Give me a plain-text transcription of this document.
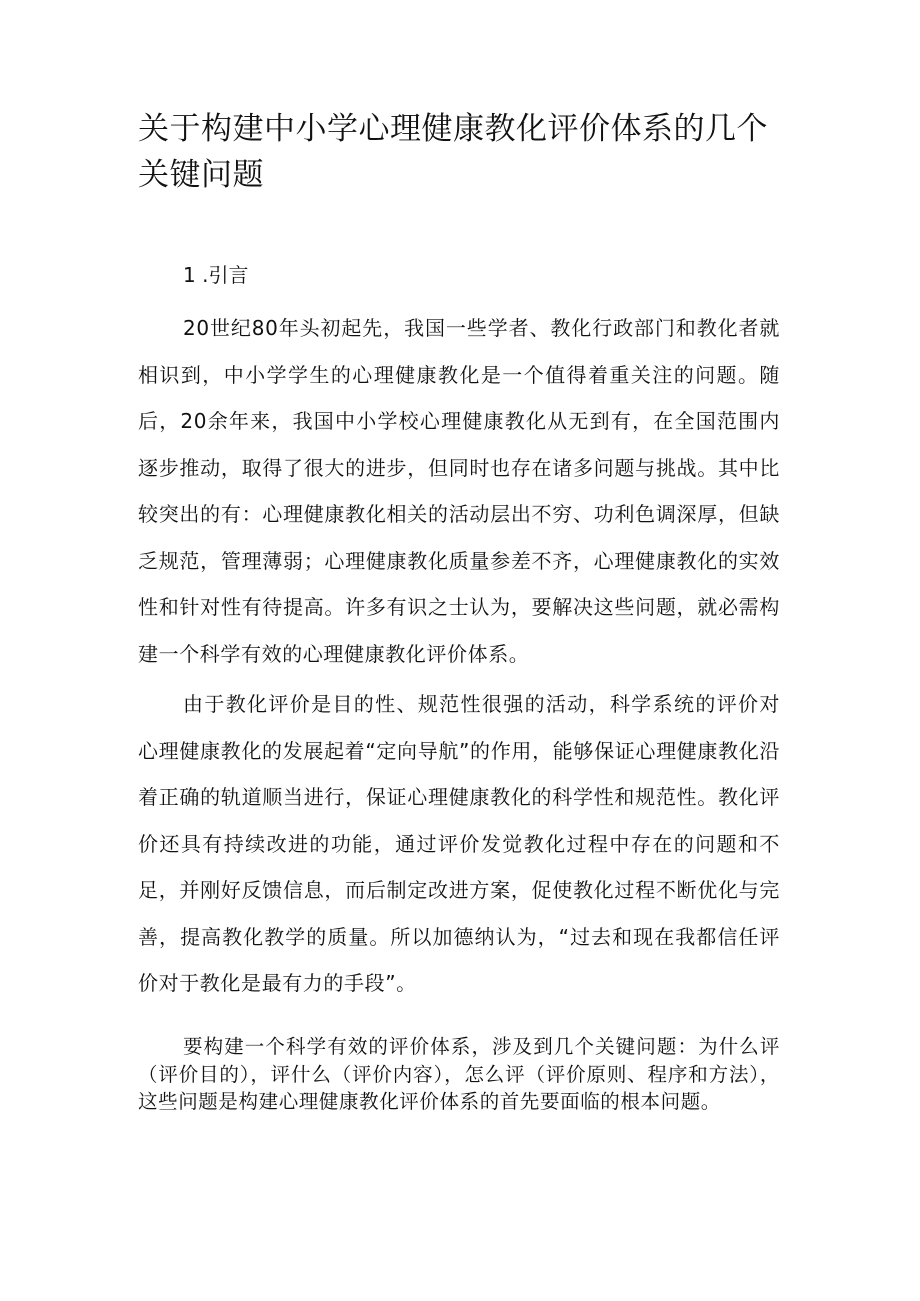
关于构建中小学心理健康教化评价体系的几个关键问题

1 .引言

20世纪80年头初起先，我国一些学者、教化行政部门和教化者就相识到，中小学学生的心理健康教化是一个值得着重关注的问题。随后，20余年来，我国中小学校心理健康教化从无到有，在全国范围内逐步推动，取得了很大的进步，但同时也存在诸多问题与挑战。其中比较突出的有：心理健康教化相关的活动层出不穷、功利色调深厚，但缺乏规范，管理薄弱；心理健康教化质量参差不齐，心理健康教化的实效性和针对性有待提高。许多有识之士认为，要解决这些问题，就必需构建一个科学有效的心理健康教化评价体系。

由于教化评价是目的性、规范性很强的活动，科学系统的评价对心理健康教化的发展起着“定向导航”的作用，能够保证心理健康教化沿着正确的轨道顺当进行，保证心理健康教化的科学性和规范性。教化评价还具有持续改进的功能，通过评价发觉教化过程中存在的问题和不足，并刚好反馈信息，而后制定改进方案，促使教化过程不断优化与完善，提高教化教学的质量。所以加德纳认为，“过去和现在我都信任评价对于教化是最有力的手段”。

要构建一个科学有效的评价体系，涉及到几个关键问题：为什么评（评价目的），评什么（评价内容），怎么评（评价原则、程序和方法），这些问题是构建心理健康教化评价体系的首先要面临的根本问题。
